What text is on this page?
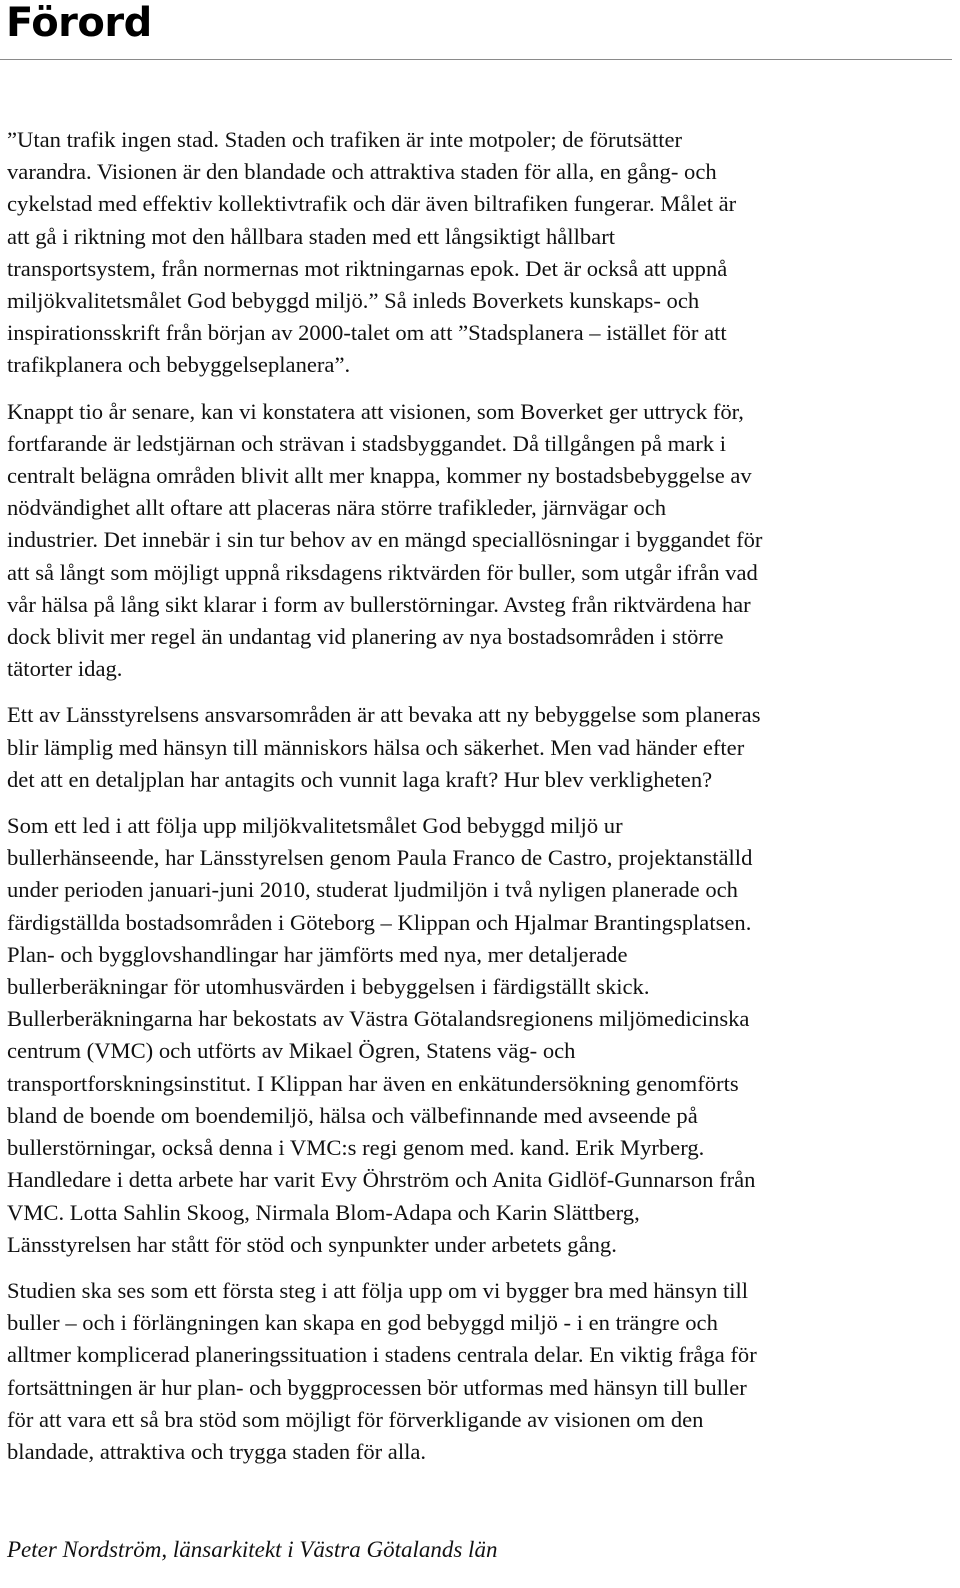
Förord

”Utan trafik ingen stad. Staden och trafiken är inte motpoler; de förutsätter
varandra. Visionen är den blandade och attraktiva staden för alla, en gång- och
cykelstad med effektiv kollektivtrafik och där även biltrafiken fungerar. Målet är
att gå i riktning mot den hållbara staden med ett långsiktigt hållbart
transportsystem, från normernas mot riktningarnas epok. Det är också att uppnå
miljökvalitetsmålet God bebyggd miljö.” Så inleds Boverkets kunskaps- och
inspirationsskrift från början av 2000-talet om att ”Stadsplanera – istället för att
trafikplanera och bebyggelseplanera”.

Knappt tio år senare, kan vi konstatera att visionen, som Boverket ger uttryck för,
fortfarande är ledstjärnan och strävan i stadsbyggandet. Då tillgången på mark i
centralt belägna områden blivit allt mer knappa, kommer ny bostadsbebyggelse av
nödvändighet allt oftare att placeras nära större trafikleder, järnvägar och
industrier. Det innebär i sin tur behov av en mängd speciallösningar i byggandet för
att så långt som möjligt uppnå riksdagens riktvärden för buller, som utgår ifrån vad
vår hälsa på lång sikt klarar i form av bullerstörningar. Avsteg från riktvärdena har
dock blivit mer regel än undantag vid planering av nya bostadsområden i större
tätorter idag.

Ett av Länsstyrelsens ansvarsområden är att bevaka att ny bebyggelse som planeras
blir lämplig med hänsyn till människors hälsa och säkerhet. Men vad händer efter
det att en detaljplan har antagits och vunnit laga kraft? Hur blev verkligheten?

Som ett led i att följa upp miljökvalitetsmålet God bebyggd miljö ur
bullerhänseende, har Länsstyrelsen genom Paula Franco de Castro, projektanställd
under perioden januari-juni 2010, studerat ljudmiljön i två nyligen planerade och
färdigställda bostadsområden i Göteborg – Klippan och Hjalmar Brantingsplatsen.
Plan- och bygglovshandlingar har jämförts med nya, mer detaljerade
bullerberäkningar för utomhusvärden i bebyggelsen i färdigställt skick.
Bullerberäkningarna har bekostats av Västra Götalandsregionens miljömedicinska
centrum (VMC) och utförts av Mikael Ögren, Statens väg- och
transportforskningsinstitut. I Klippan har även en enkätundersökning genomförts
bland de boende om boendemiljö, hälsa och välbefinnande med avseende på
bullerstörningar, också denna i VMC:s regi genom med. kand. Erik Myrberg.
Handledare i detta arbete har varit Evy Öhrström och Anita Gidlöf-Gunnarson från
VMC. Lotta Sahlin Skoog, Nirmala Blom-Adapa och Karin Slättberg,
Länsstyrelsen har stått för stöd och synpunkter under arbetets gång.

Studien ska ses som ett första steg i att följa upp om vi bygger bra med hänsyn till
buller – och i förlängningen kan skapa en god bebyggd miljö - i en trängre och
alltmer komplicerad planeringssituation i stadens centrala delar. En viktig fråga för
fortsättningen är hur plan- och byggprocessen bör utformas med hänsyn till buller
för att vara ett så bra stöd som möjligt för förverkligande av visionen om den
blandade, attraktiva och trygga staden för alla.

Peter Nordström, länsarkitekt i Västra Götalands län
